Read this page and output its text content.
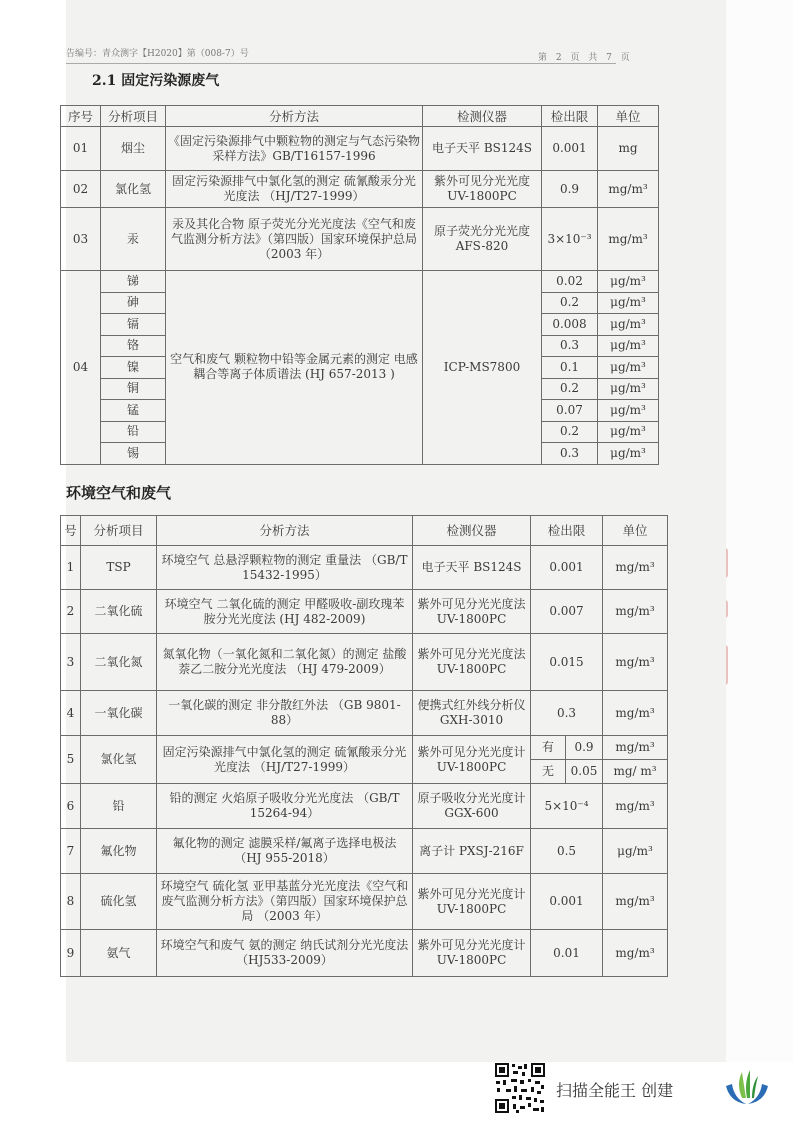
告编号：青众测字【H2020】第（008-7）号	第 2 页 共 7 页
2.1 固定污染源废气
序号	分析项目	分析方法	检测仪器	检出限	单位
01	烟尘	《固定污染源排气中颗粒物的测定与气态污染物采样方法》GB/T16157-1996	电子天平 BS124S	0.001	mg
02	氯化氢	固定污染源排气中氯化氢的测定 硫氰酸汞分光光度法 （HJ/T27-1999）	紫外可见分光光度 UV-1800PC	0.9	mg/m³
03	汞	汞及其化合物 原子荧光分光光度法《空气和废气监测分析方法》（第四版）国家环境保护总局（2003 年）	原子荧光分光光度 AFS-820	3×10⁻³	mg/m³
04	锑	空气和废气 颗粒物中铅等金属元素的测定 电感耦合等离子体质谱法 (HJ 657-2013 )	ICP-MS7800	0.02	μg/m³
	砷			0.2	μg/m³
	镉			0.008	μg/m³
	铬			0.3	μg/m³
	镍			0.1	μg/m³
	铜			0.2	μg/m³
	锰			0.07	μg/m³
	铅			0.2	μg/m³
	锡			0.3	μg/m³
环境空气和废气
号	分析项目	分析方法	检测仪器	检出限		单位
1	TSP	环境空气 总悬浮颗粒物的测定 重量法 （GB/T 15432-1995）	电子天平 BS124S	0.001		mg/m³
2	二氧化硫	环境空气 二氧化硫的测定 甲醛吸收-副玫瑰苯胺分光光度法 (HJ 482-2009)	紫外可见分光光度法 UV-1800PC	0.007		mg/m³
3	二氧化氮	氮氧化物（一氧化氮和二氧化氮）的测定 盐酸萘乙二胺分光光度法 （HJ 479-2009）	紫外可见分光光度法 UV-1800PC	0.015		mg/m³
4	一氧化碳	一氧化碳的测定 非分散红外法 （GB 9801-88）	便携式红外线分析仪 GXH-3010	0.3		mg/m³
5	氯化氢	固定污染源排气中氯化氢的测定 硫氰酸汞分光光度法 （HJ/T27-1999）	紫外可见分光光度计 UV-1800PC	有	0.9	mg/m³
				无	0.05	mg/ m³
6	铅	铅的测定 火焰原子吸收分光光度法 （GB/T 15264-94）	原子吸收分光光度计 GGX-600	5×10⁻⁴		mg/m³
7	氟化物	氟化物的测定 滤膜采样/氟离子选择电极法 （HJ 955-2018）	离子计 PXSJ-216F	0.5		μg/m³
8	硫化氢	环境空气 硫化氢 亚甲基蓝分光光度法《空气和废气监测分析方法》（第四版）国家环境保护总局 （2003 年）	紫外可见分光光度计 UV-1800PC	0.001		mg/m³
9	氨气	环境空气和废气 氨的测定 纳氏试剂分光光度法 （HJ533-2009）	紫外可见分光光度计 UV-1800PC	0.01		mg/m³
扫描全能王 创建
